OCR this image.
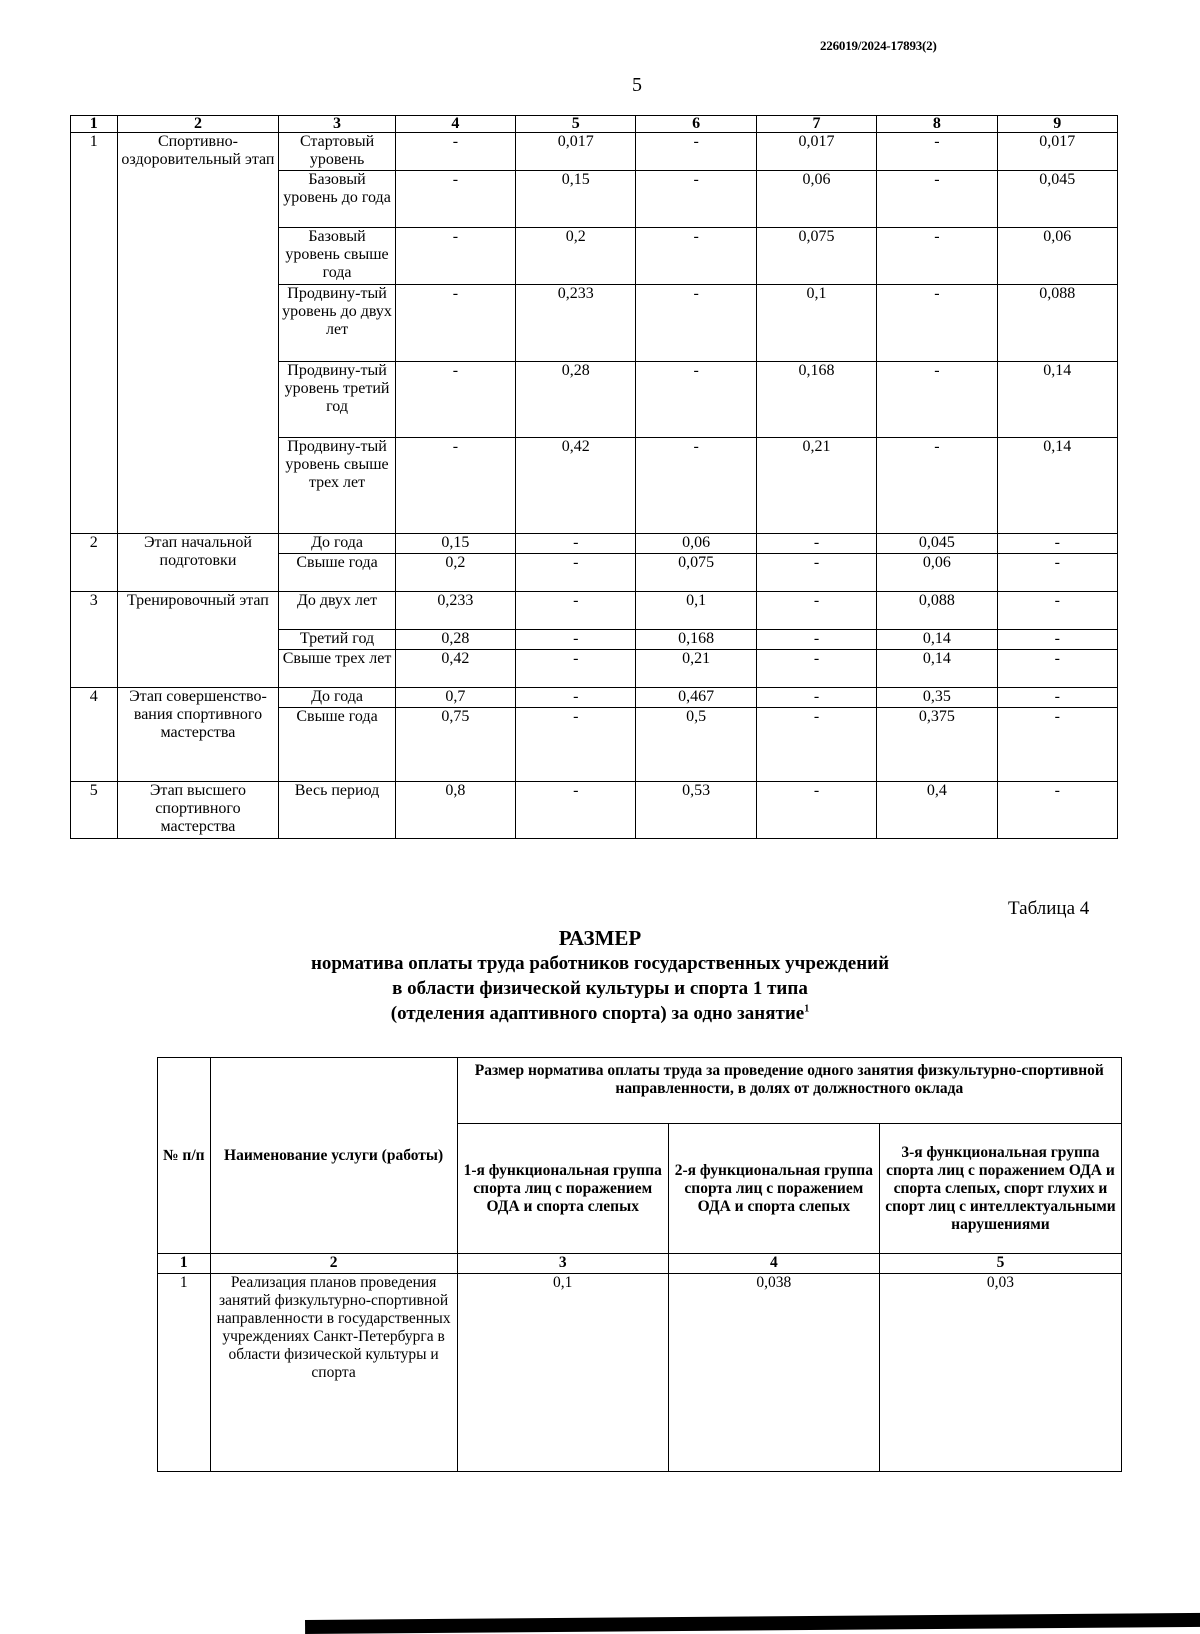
226019/2024-17893(2)
5
1	2	3	4	5	6	7	8	9
1	Спортивно-оздоровительный этап	Стартовый уровень	-	0,017	-	0,017	-	0,017
		Базовый уровень до года	-	0,15	-	0,06	-	0,045
		Базовый уровень свыше года	-	0,2	-	0,075	-	0,06
		Продвину-тый уровень до двух лет	-	0,233	-	0,1	-	0,088
		Продвину-тый уровень третий год	-	0,28	-	0,168	-	0,14
		Продвину-тый уровень свыше трех лет	-	0,42	-	0,21	-	0,14
2	Этап начальной подготовки	До года	0,15	-	0,06	-	0,045	-
		Свыше года	0,2	-	0,075	-	0,06	-
3	Тренировочный этап	До двух лет	0,233	-	0,1	-	0,088	-
		Третий год	0,28	-	0,168	-	0,14	-
		Свыше трех лет	0,42	-	0,21	-	0,14	-
4	Этап совершенство-вания спортивного мастерства	До года	0,7	-	0,467	-	0,35	-
		Свыше года	0,75	-	0,5	-	0,375	-
5	Этап высшего спортивного мастерства	Весь период	0,8	-	0,53	-	0,4	-
Таблица 4
РАЗМЕР
норматива оплаты труда работников государственных учреждений
в области физической культуры и спорта 1 типа
(отделения адаптивного спорта) за одно занятие$^1$
№ п/п	Наименование услуги (работы)	Размер норматива оплаты труда за проведение одного занятия физкультурно-спортивной направленности, в долях от должностного оклада		
		1-я функциональная группа спорта лиц с поражением ОДА и спорта слепых	2-я функциональная группа спорта лиц с поражением ОДА и спорта слепых	3-я функциональная группа спорта лиц с поражением ОДА и спорта слепых, спорт глухих и спорт лиц с интеллектуальными нарушениями
1	2	3	4	5
1	Реализация планов проведения занятий физкультурно-спортивной направленности в государственных учреждениях Санкт-Петербурга в области физической культуры и спорта	0,1	0,038	0,03
